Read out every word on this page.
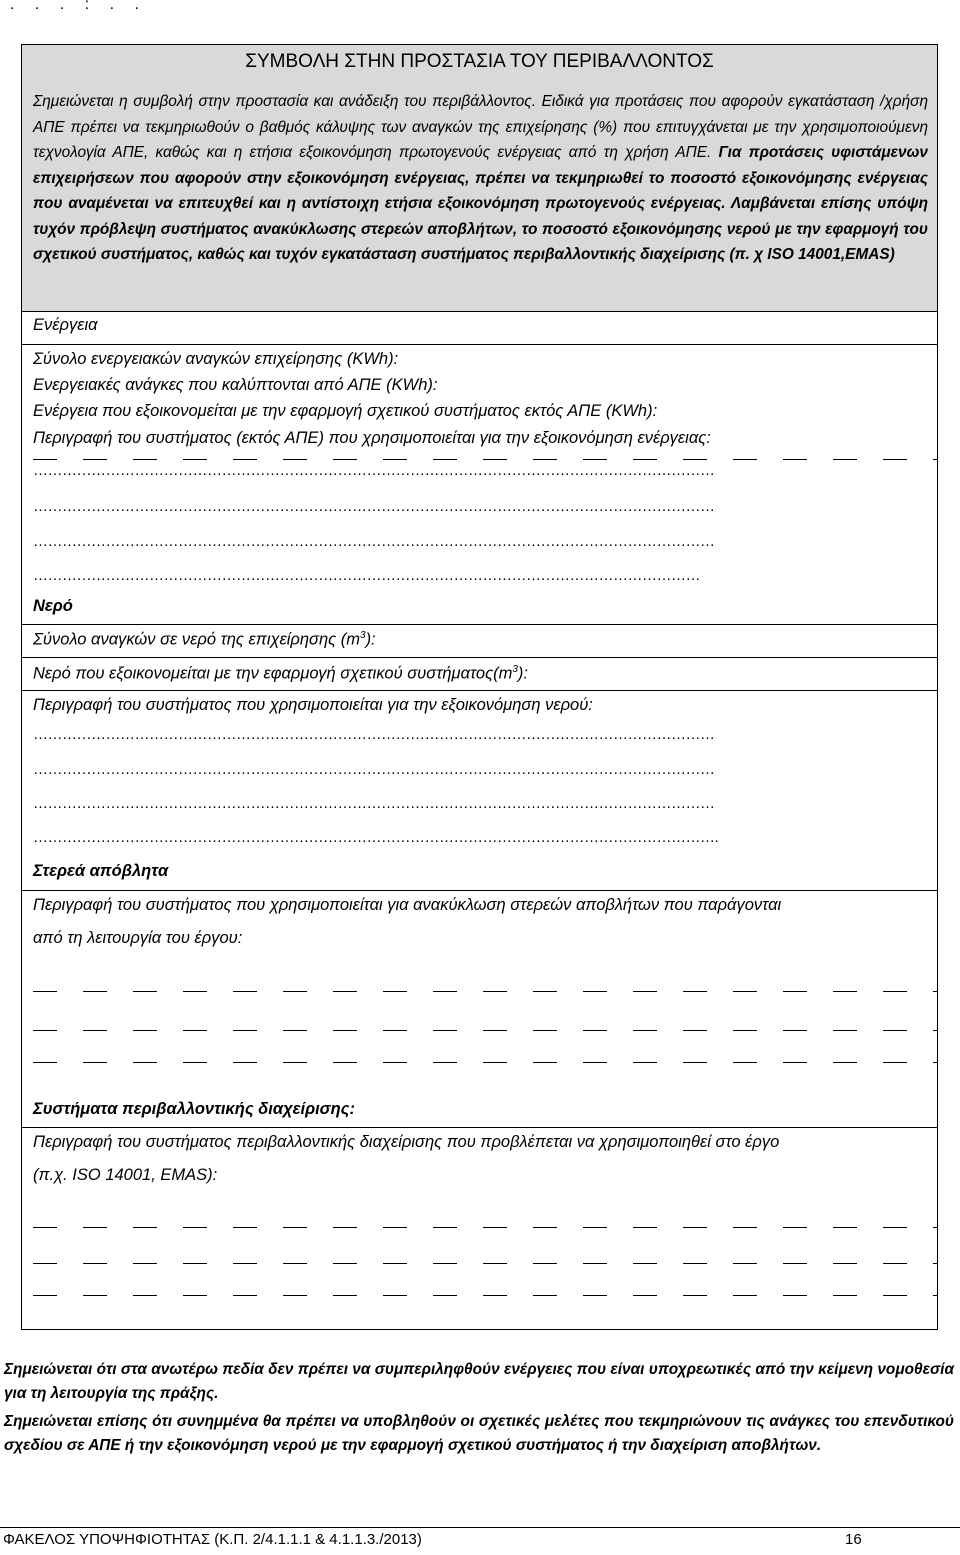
. . . : . .
ΣΥΜΒΟΛΗ ΣΤΗΝ ΠΡΟΣΤΑΣΙΑ ΤΟΥ ΠΕΡΙΒΑΛΛΟΝΤΟΣ
Σημειώνεται η συμβολή στην προστασία και ανάδειξη του περιβάλλοντος. Ειδικά για προτάσεις που αφορούν εγκατάσταση /χρήση ΑΠΕ πρέπει να τεκμηριωθούν ο βαθμός κάλυψης των αναγκών της επιχείρησης (%) που επιτυγχάνεται με την χρησιμοποιούμενη τεχνολογία ΑΠΕ, καθώς και η ετήσια εξοικονόμηση πρωτογενούς ενέργειας από τη χρήση ΑΠΕ. Για προτάσεις υφιστάμενων επιχειρήσεων που αφορούν στην εξοικονόμηση ενέργειας, πρέπει να τεκμηριωθεί το ποσοστό εξοικονόμησης ενέργειας που αναμένεται να επιτευχθεί και η αντίστοιχη ετήσια εξοικονόμηση πρωτογενούς ενέργειας. Λαμβάνεται επίσης υπόψη τυχόν πρόβλεψη συστήματος ανακύκλωσης στερεών αποβλήτων, το ποσοστό εξοικονόμησης νερού με την εφαρμογή του σχετικού συστήματος, καθώς και τυχόν εγκατάσταση συστήματος περιβαλλοντικής διαχείρισης (π. χ ISO 14001,EMAS)
Ενέργεια
Σύνολο ενεργειακών αναγκών επιχείρησης (KWh):
Ενεργειακές ανάγκες που καλύπτονται από ΑΠΕ (KWh):
Ενέργεια που εξοικονομείται με την εφαρμογή σχετικού συστήματος εκτός ΑΠΕ (KWh):
Περιγραφή του συστήματος (εκτός ΑΠΕ) που χρησιμοποιείται για την εξοικονόμηση ενέργειας:
……………………………………………………………………………………………………………………………
……………………………………………………………………………………………………………………………
……………………………………………………………………………………………………………………………
…………………………………………………………………………………………………………………………
Νερό
Σύνολο αναγκών σε νερό της επιχείρησης $(m^3)$:
Νερό που εξοικονομείται με την εφαρμογή σχετικού $\sigma\upsilon\sigma\tau ή\mu\alpha\tau o\varsigma(m^3)$:
Περιγραφή του συστήματος που χρησιμοποιείται για την εξοικονόμηση νερού:
……………………………………………………………………………………………………………………………
……………………………………………………………………………………………………………………………
……………………………………………………………………………………………………………………………
…………………………………………………………………………………………………………………………….
Στερεά απόβλητα
Περιγραφή του συστήματος που χρησιμοποιείται για ανακύκλωση στερεών αποβλήτων που παράγονται
από τη λειτουργία του έργου:
Συστήματα περιβαλλοντικής διαχείρισης:
Περιγραφή του συστήματος περιβαλλοντικής διαχείρισης που προβλέπεται να χρησιμοποιηθεί στο έργο
(π.χ. ISO 14001, EMAS):
Σημειώνεται ότι στα ανωτέρω πεδία δεν πρέπει να συμπεριληφθούν ενέργειες που είναι υποχρεωτικές από την κείμενη νομοθεσία για τη λειτουργία της πράξης.
Σημειώνεται επίσης ότι συνημμένα θα πρέπει να υποβληθούν οι σχετικές μελέτες που τεκμηριώνουν τις ανάγκες του επενδυτικού σχεδίου σε ΑΠΕ ή την εξοικονόμηση νερού με την εφαρμογή σχετικού συστήματος ή την διαχείριση αποβλήτων.
ΦΑΚΕΛΟΣ ΥΠΟΨΗΦΙΟΤΗΤΑΣ (Κ.Π. 2/4.1.1.1 & 4.1.1.3./2013)	16
